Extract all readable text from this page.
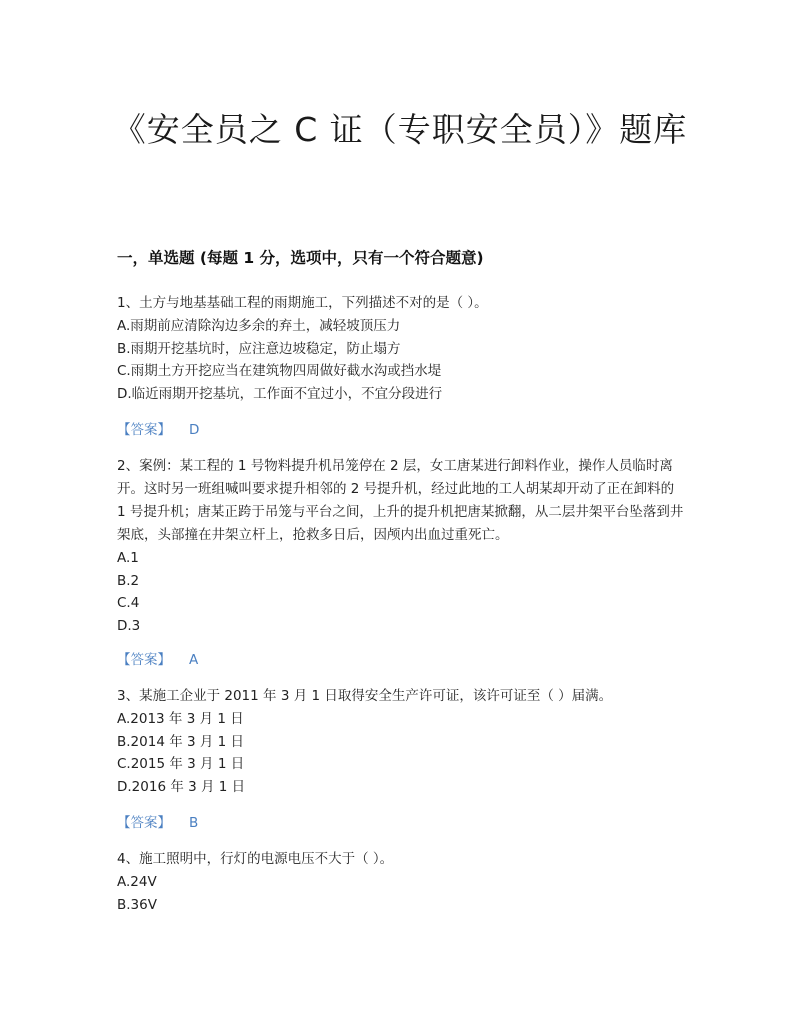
《安全员之 C 证（专职安全员）》题库
一，单选题 (每题 1 分，选项中，只有一个符合题意)

1、土方与地基基础工程的雨期施工，下列描述不对的是（ ）。

A.雨期前应清除沟边多余的弃土，减轻坡顶压力

B.雨期开挖基坑时，应注意边坡稳定，防止塌方

C.雨期土方开挖应当在建筑物四周做好截水沟或挡水堤

D.临近雨期开挖基坑，工作面不宜过小，不宜分段进行

【答案】 D

2、案例：某工程的 1 号物料提升机吊笼停在 2 层，女工唐某进行卸料作业，操作人员临时离开。这时另一班组喊叫要求提升相邻的 2 号提升机，经过此地的工人胡某却开动了正在卸料的 1 号提升机；唐某正跨于吊笼与平台之间，上升的提升机把唐某掀翻，从二层井架平台坠落到井架底，头部撞在井架立杆上，抢救多日后，因颅内出血过重死亡。

A.1

B.2

C.4

D.3

【答案】 A

3、某施工企业于 2011 年 3 月 1 日取得安全生产许可证，该许可证至（ ）届满。

A.2013 年 3 月 1 日

B.2014 年 3 月 1 日

C.2015 年 3 月 1 日

D.2016 年 3 月 1 日

【答案】 B

4、施工照明中，行灯的电源电压不大于（ ）。

A.24V

B.36V
